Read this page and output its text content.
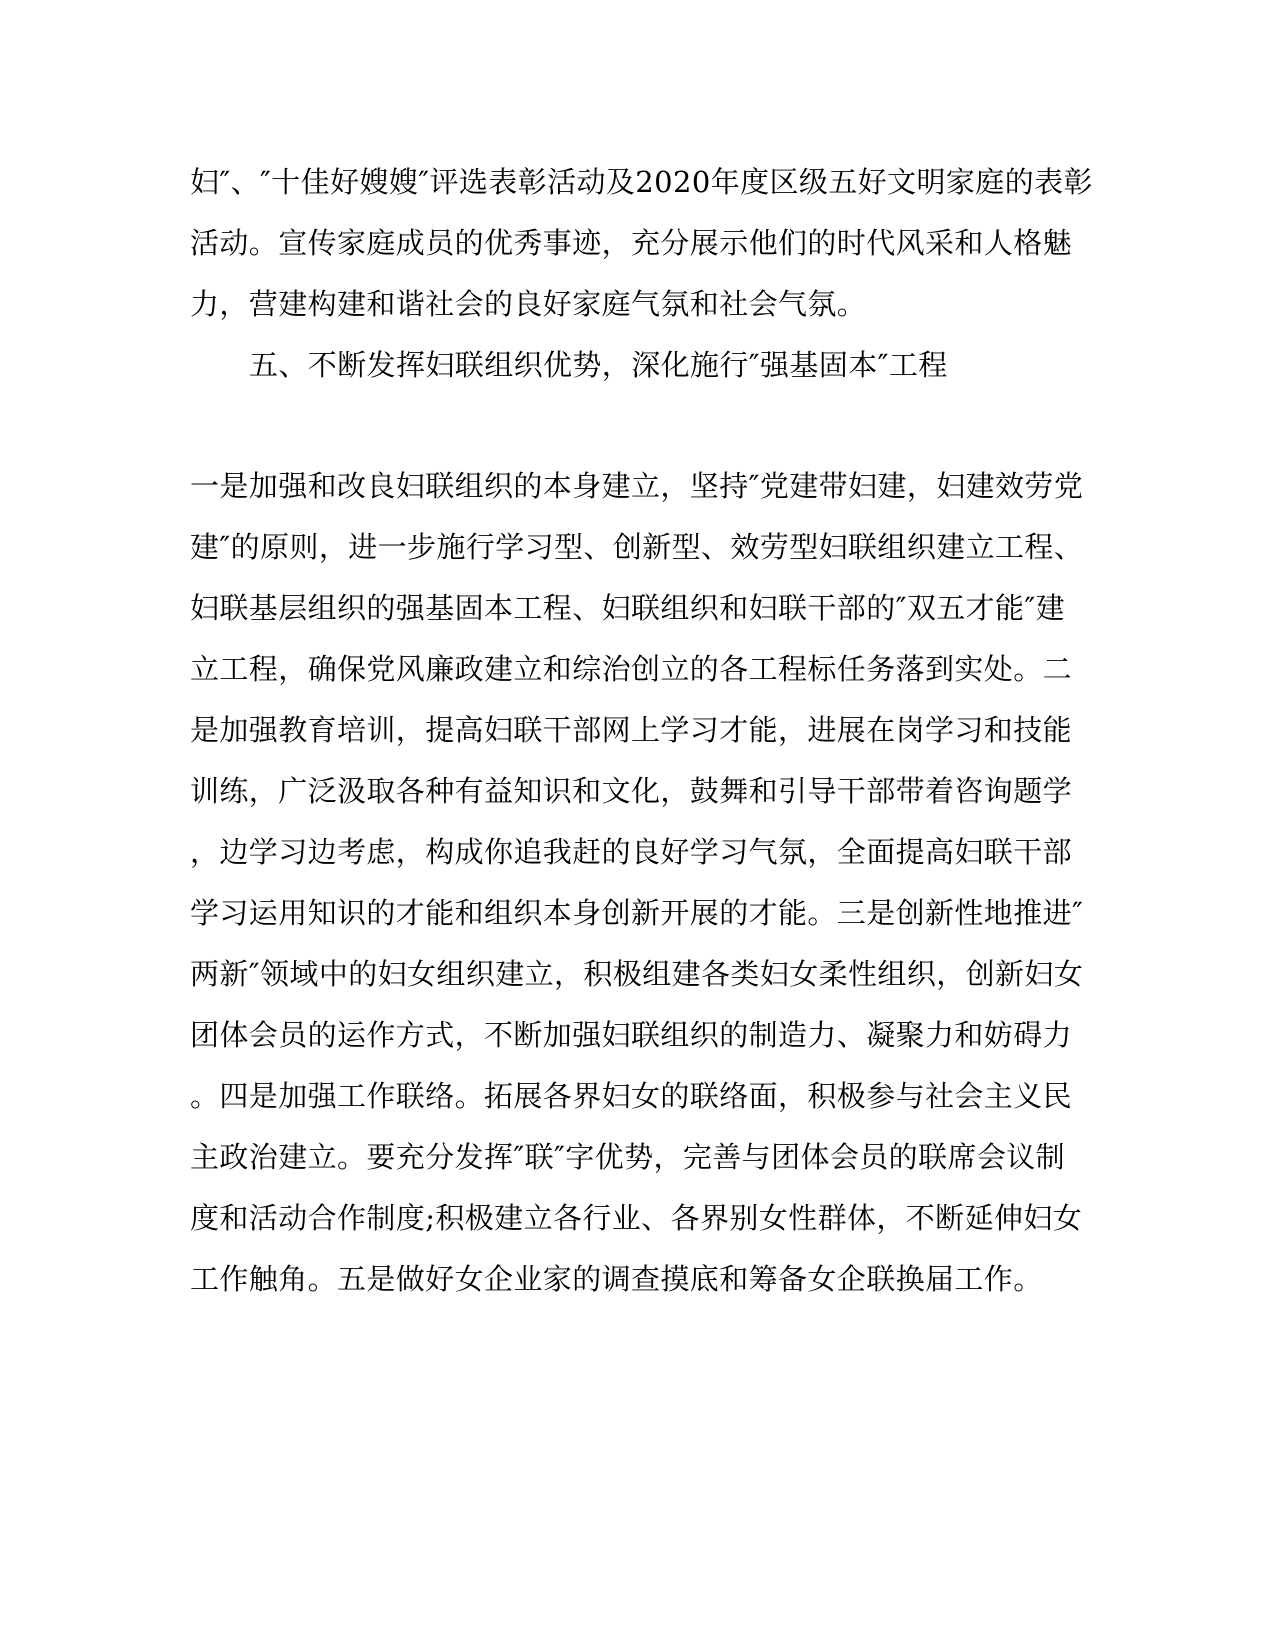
妇″、″十佳好嫂嫂″评选表彰活动及2020年度区级五好文明家庭的表彰
活动。宣传家庭成员的优秀事迹，充分展示他们的时代风采和人格魅
力，营建构建和谐社会的良好家庭气氛和社会气氛。
五、不断发挥妇联组织优势，深化施行″强基固本″工程
一是加强和改良妇联组织的本身建立，坚持″党建带妇建，妇建效劳党
建″的原则，进一步施行学习型、创新型、效劳型妇联组织建立工程、
妇联基层组织的强基固本工程、妇联组织和妇联干部的″双五才能″建
立工程，确保党风廉政建立和综治创立的各工程标任务落到实处。二
是加强教育培训，提高妇联干部网上学习才能，进展在岗学习和技能
训练，广泛汲取各种有益知识和文化，鼓舞和引导干部带着咨询题学
，边学习边考虑，构成你追我赶的良好学习气氛，全面提高妇联干部
学习运用知识的才能和组织本身创新开展的才能。三是创新性地推进″
两新″领域中的妇女组织建立，积极组建各类妇女柔性组织，创新妇女
团体会员的运作方式，不断加强妇联组织的制造力、凝聚力和妨碍力
。四是加强工作联络。拓展各界妇女的联络面，积极参与社会主义民
主政治建立。要充分发挥″联″字优势，完善与团体会员的联席会议制
度和活动合作制度;积极建立各行业、各界别女性群体，不断延伸妇女
工作触角。五是做好女企业家的调查摸底和筹备女企联换届工作。
